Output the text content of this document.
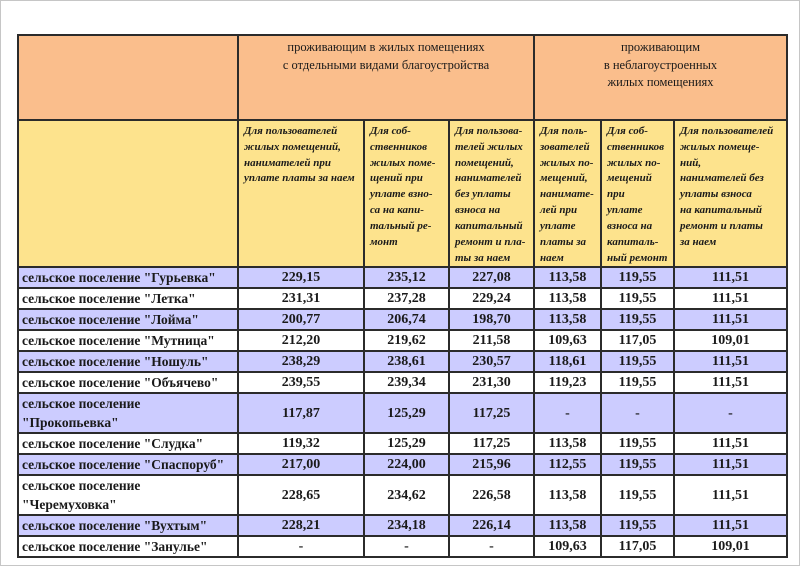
	проживающим в жилых помещениях
с отдельными видами благоустройства			проживающим
в неблагоустроенных
жилых помещениях		
	Для пользователей
жилых помещений,
нанимателей при
уплате платы за наем	Для соб-
ственников
жилых поме-
щений при
уплате взно-
са на капи-
тальный ре-
монт	Для пользова-
телей жилых
помещений,
нанимателей
без уплаты
взноса на
капитальный
ремонт и пла-
ты за наем	Для поль-
зователей
жилых по-
мещений,
нанимате-
лей при
уплате
платы за
наем	Для соб-
ственников
жилых по-
мещений
при
уплате
взноса на
капиталь-
ный ремонт	Для пользователей
жилых помеще-
ний,
нанимателей без
уплаты взноса
на капитальный
ремонт и платы
за наем
сельское поселение "Гурьевка"	229,15	235,12	227,08	113,58	119,55	111,51
сельское поселение "Летка"	231,31	237,28	229,24	113,58	119,55	111,51
сельское поселение "Лойма"	200,77	206,74	198,70	113,58	119,55	111,51
сельское поселение "Мутница"	212,20	219,62	211,58	109,63	117,05	109,01
сельское поселение "Ношуль"	238,29	238,61	230,57	118,61	119,55	111,51
сельское поселение "Объячево"	239,55	239,34	231,30	119,23	119,55	111,51
сельское поселение "Прокопьевка"	117,87	125,29	117,25	-	-	-
сельское поселение "Слудка"	119,32	125,29	117,25	113,58	119,55	111,51
сельское поселение "Спаспоруб"	217,00	224,00	215,96	112,55	119,55	111,51
сельское поселение "Черемуховка"	228,65	234,62	226,58	113,58	119,55	111,51
сельское поселение "Вухтым"	228,21	234,18	226,14	113,58	119,55	111,51
сельское поселение "Занулье"	-	-	-	109,63	117,05	109,01
